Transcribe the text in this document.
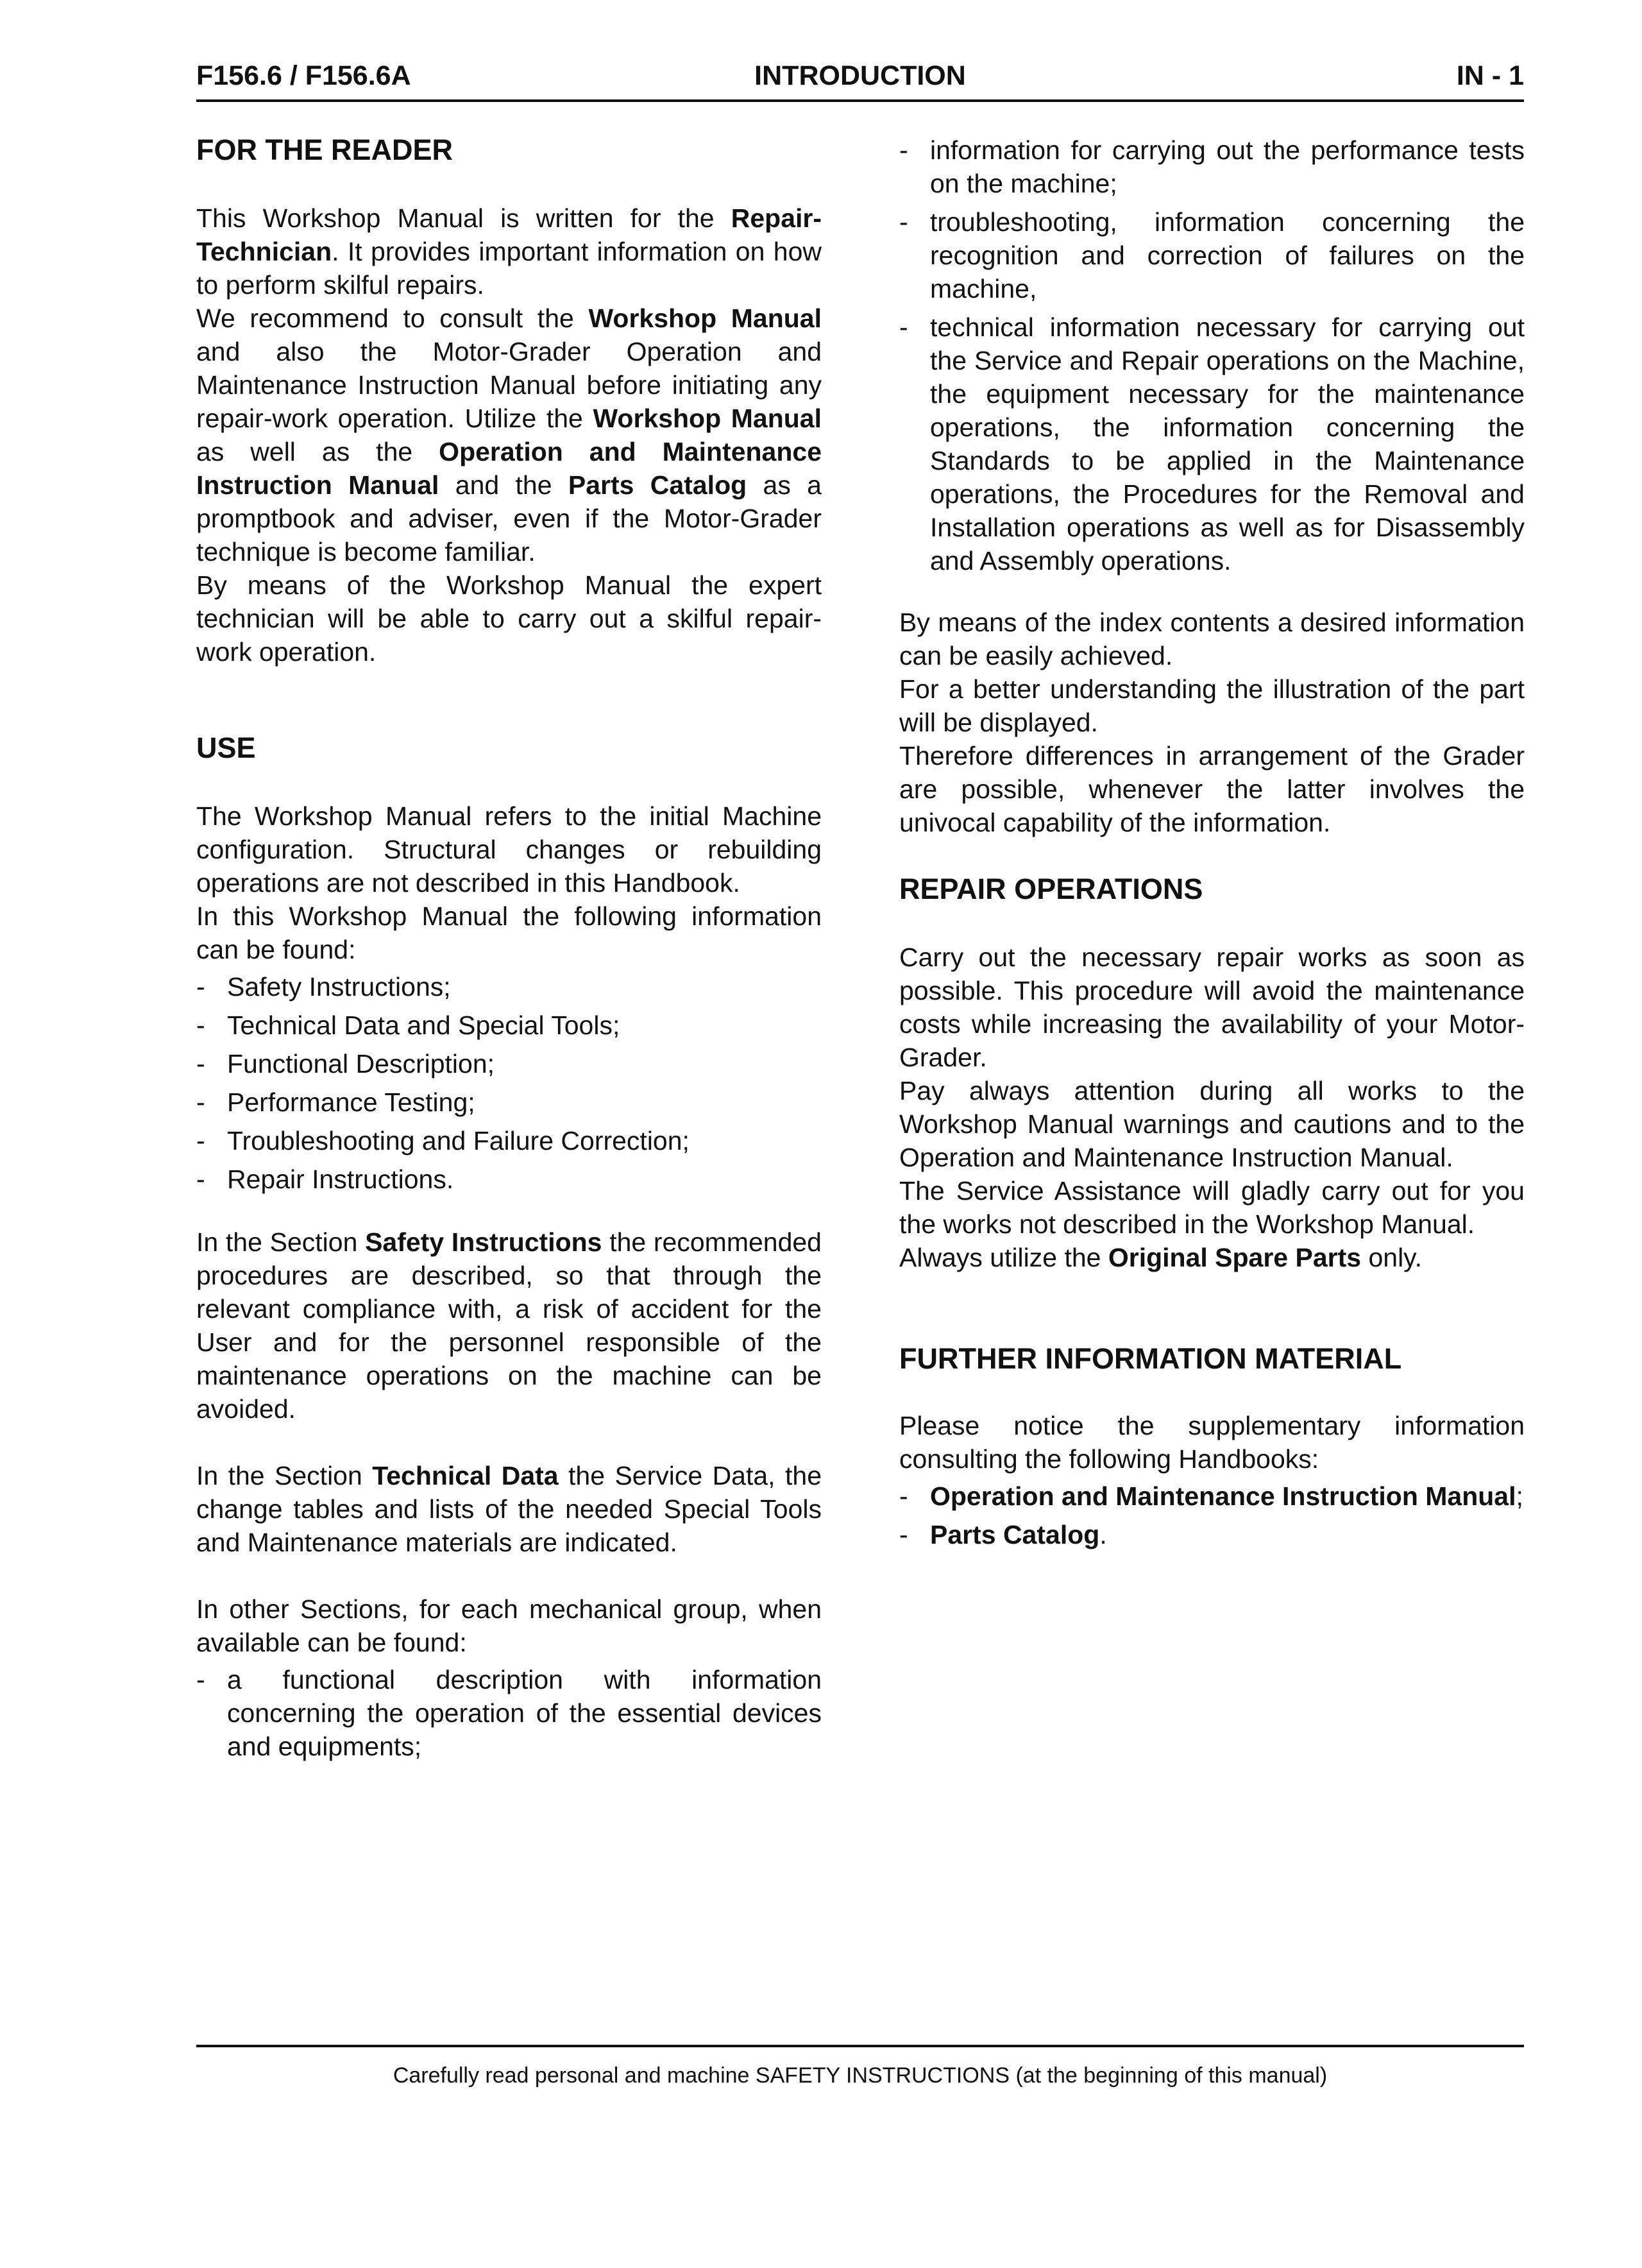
F156.6 / F156.6A	INTRODUCTION	IN - 1
FOR THE READER

This Workshop Manual is written for the Repair-Technician. It provides important information on how to perform skilful repairs.

We recommend to consult the Workshop Manual and also the Motor-Grader Operation and Maintenance Instruction Manual before initiating any repair-work operation. Utilize the Workshop Manual as well as the Operation and Maintenance Instruction Manual and the Parts Catalog as a promptbook and adviser, even if the Motor-Grader technique is become familiar.

By means of the Workshop Manual the expert technician will be able to carry out a skilful repair-work operation.

USE

The Workshop Manual refers to the initial Machine configuration. Structural changes or rebuilding operations are not described in this Handbook.

In this Workshop Manual the following information can be found:

- Safety Instructions;
- Technical Data and Special Tools;
- Functional Description;
- Performance Testing;
- Troubleshooting and Failure Correction;
- Repair Instructions.

In the Section Safety Instructions the recommended procedures are described, so that through the relevant compliance with, a risk of accident for the User and for the personnel responsible of the maintenance operations on the machine can be avoided.

In the Section Technical Data the Service Data, the change tables and lists of the needed Special Tools and Maintenance materials are indicated.

In other Sections, for each mechanical group, when available can be found:

- a functional description with information concerning the operation of the essential devices and equipments;
- information for carrying out the performance tests on the machine;
- troubleshooting, information concerning the recognition and correction of failures on the machine,
- technical information necessary for carrying out the Service and Repair operations on the Machine, the equipment necessary for the maintenance operations, the information concerning the Standards to be applied in the Maintenance operations, the Procedures for the Removal and Installation operations as well as for Disassembly and Assembly operations.

By means of the index contents a desired information can be easily achieved.

For a better understanding the illustration of the part will be displayed.

Therefore differences in arrangement of the Grader are possible, whenever the latter involves the univocal capability of the information.

REPAIR OPERATIONS

Carry out the necessary repair works as soon as possible. This procedure will avoid the maintenance costs while increasing the availability of your Motor-Grader.

Pay always attention during all works to the Workshop Manual warnings and cautions and to the Operation and Maintenance Instruction Manual.

The Service Assistance will gladly carry out for you the works not described in the Workshop Manual.

Always utilize the Original Spare Parts only.

FURTHER INFORMATION MATERIAL

Please notice the supplementary information consulting the following Handbooks:

- Operation and Maintenance Instruction Manual;
- Parts Catalog.
Carefully read personal and machine SAFETY INSTRUCTIONS (at the beginning of this manual)
